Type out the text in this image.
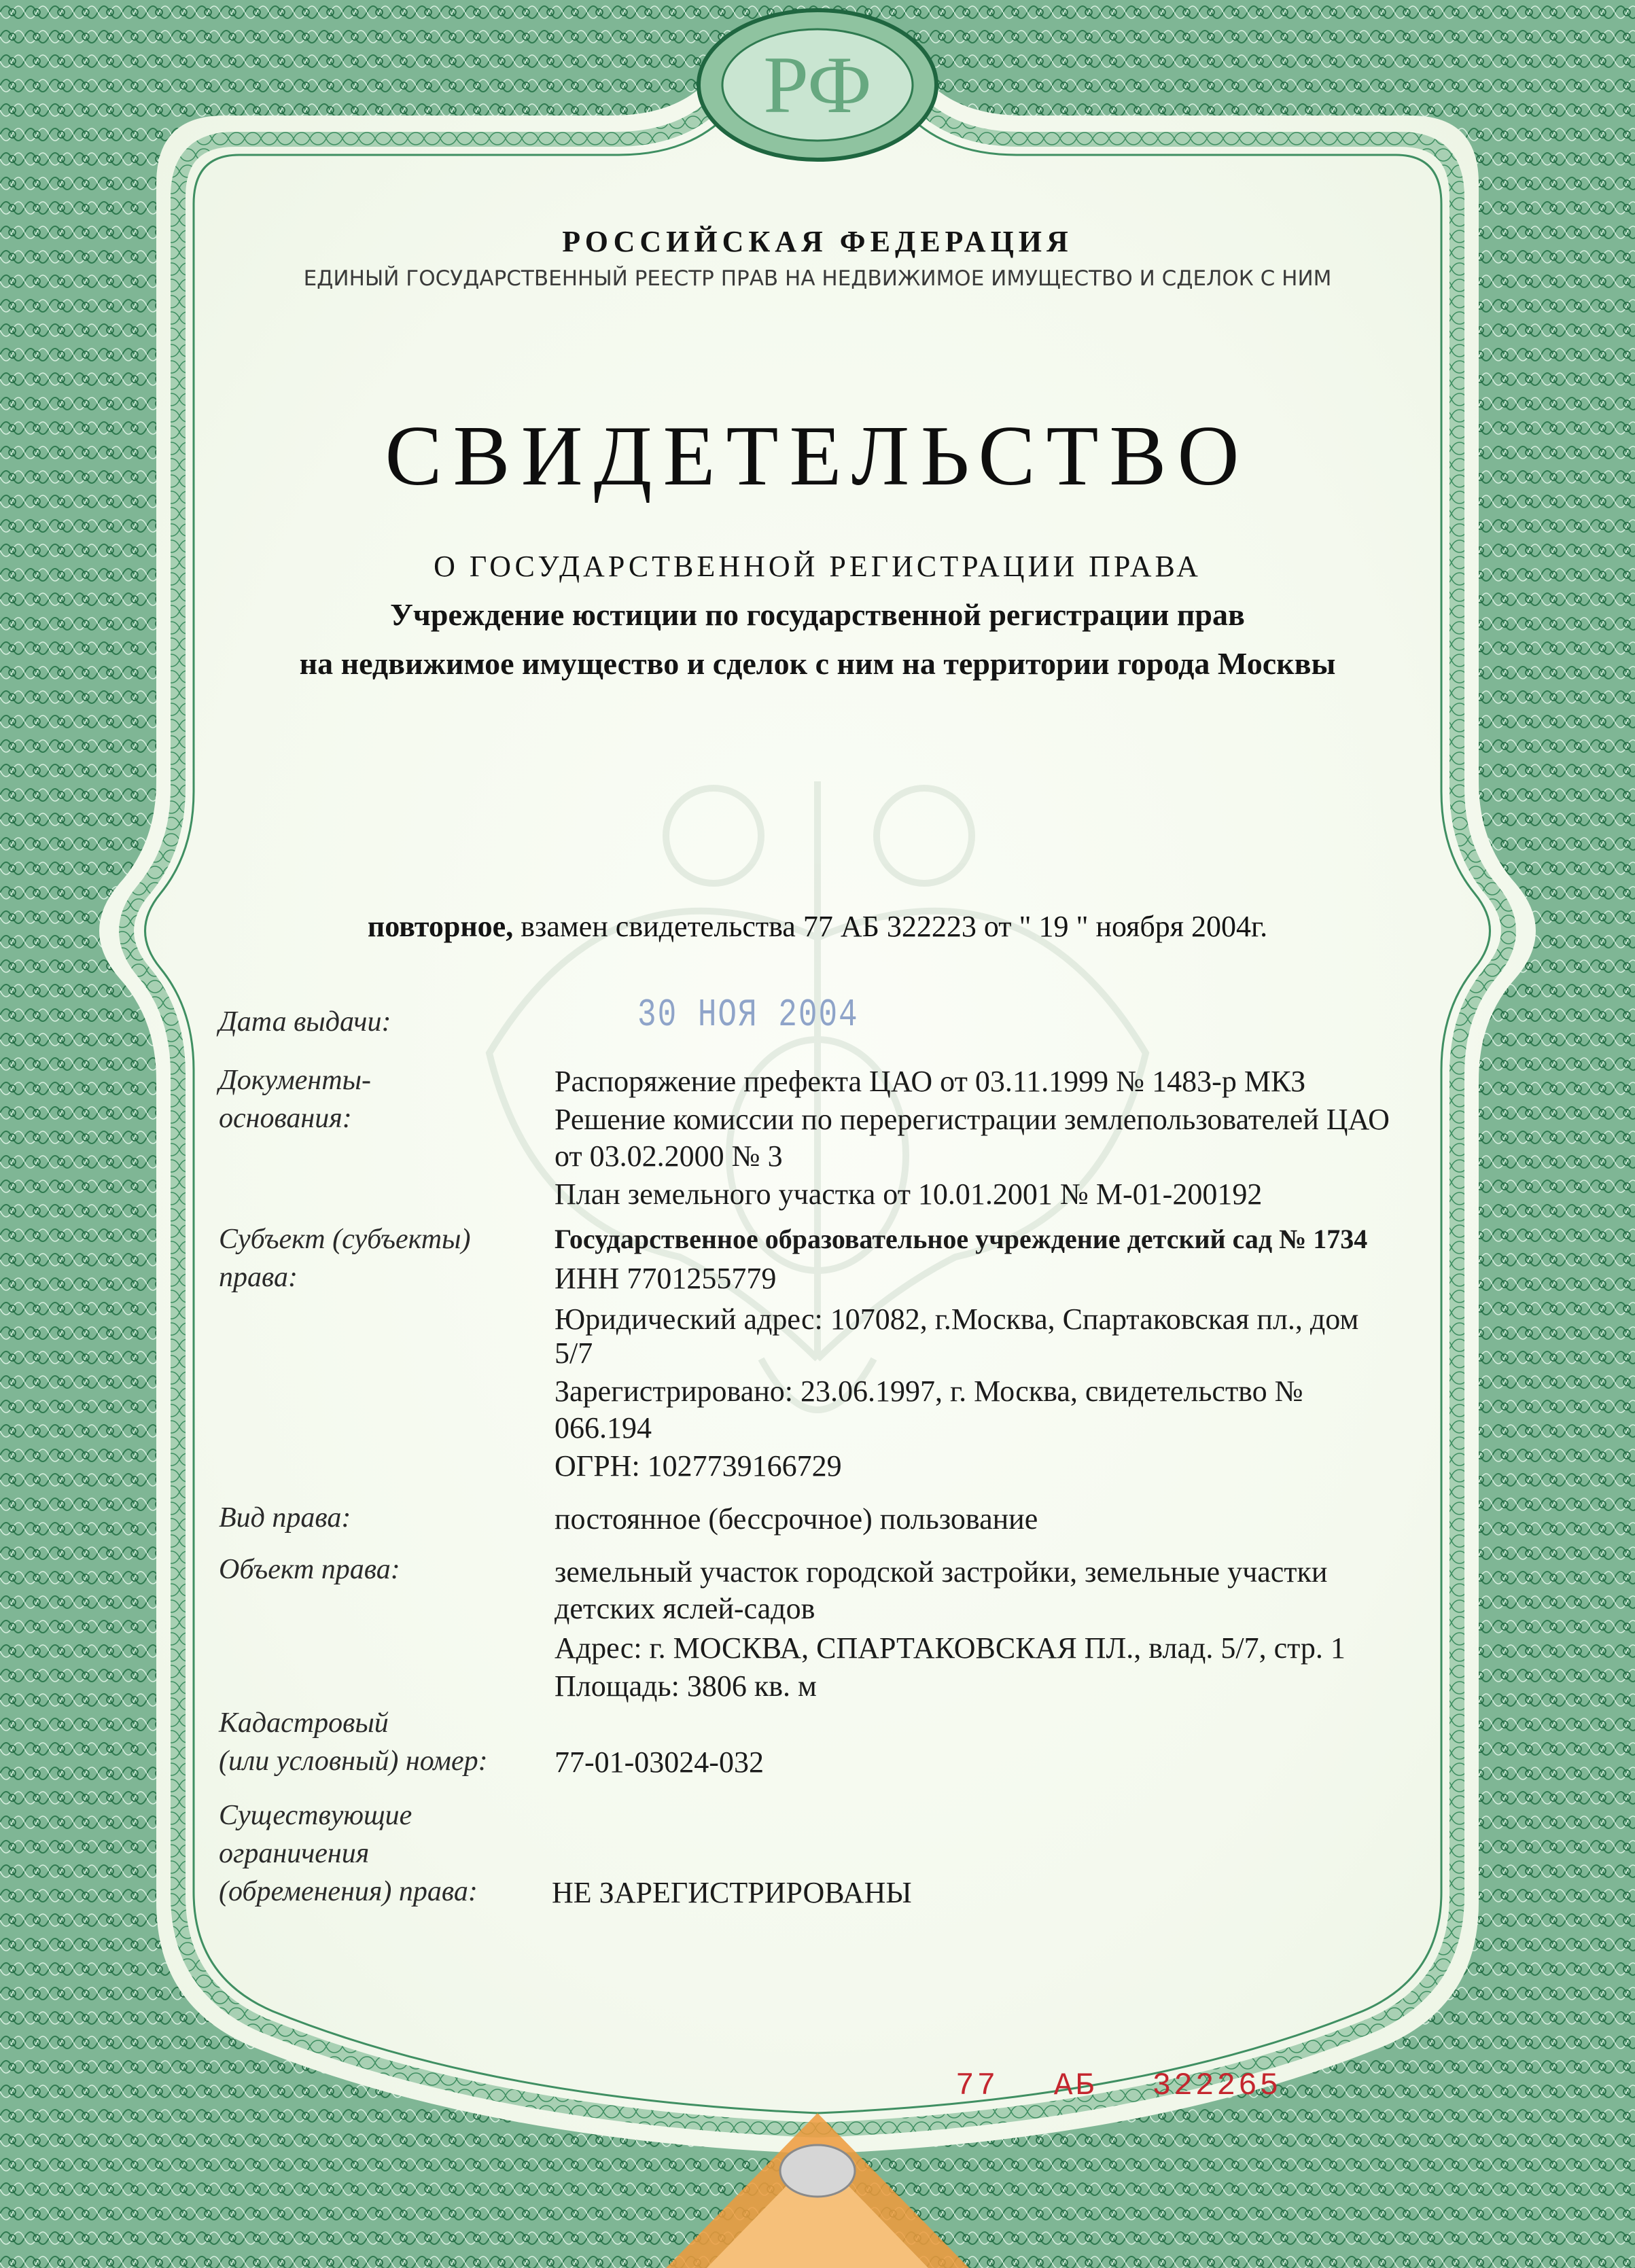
РФ
РОССИЙСКАЯ ФЕДЕРАЦИЯ
ЕДИНЫЙ ГОСУДАРСТВЕННЫЙ РЕЕСТР ПРАВ НА НЕДВИЖИМОЕ ИМУЩЕСТВО И СДЕЛОК С НИМ
СВИДЕТЕЛЬСТВО
О ГОСУДАРСТВЕННОЙ РЕГИСТРАЦИИ ПРАВА
Учреждение юстиции по государственной регистрации прав
на недвижимое имущество и сделок с ним на территории города Москвы
повторное, взамен свидетельства 77 АБ 322223 от " 19 " ноября 2004г.
Дата выдачи:	30 НОЯ 2004
Документы-
основания:
Распоряжение префекта ЦАО от 03.11.1999 № 1483-р МКЗ
Решение комиссии по перерегистрации землепользователей ЦАО
от 03.02.2000 № 3
План земельного участка от 10.01.2001 № М-01-200192
Субъект (субъекты)
права:
Государственное образовательное учреждение детский сад № 1734
ИНН 7701255779
Юридический адрес: 107082, г.Москва, Спартаковская пл., дом
5/7
Зарегистрировано: 23.06.1997, г. Москва, свидетельство №
066.194
ОГРН: 1027739166729
Вид права:	постоянное (бессрочное) пользование
Объект права:	земельный участок городской застройки, земельные участки
детских яслей-садов
Адрес: г. МОСКВА, СПАРТАКОВСКАЯ ПЛ., влад. 5/7, стр. 1
Площадь: 3806 кв. м
Кадастровый
(или условный) номер: 77-01-03024-032
Существующие
ограничения
(обременения) права: НЕ ЗАРЕГИСТРИРОВАНЫ
77 АБ 322265
